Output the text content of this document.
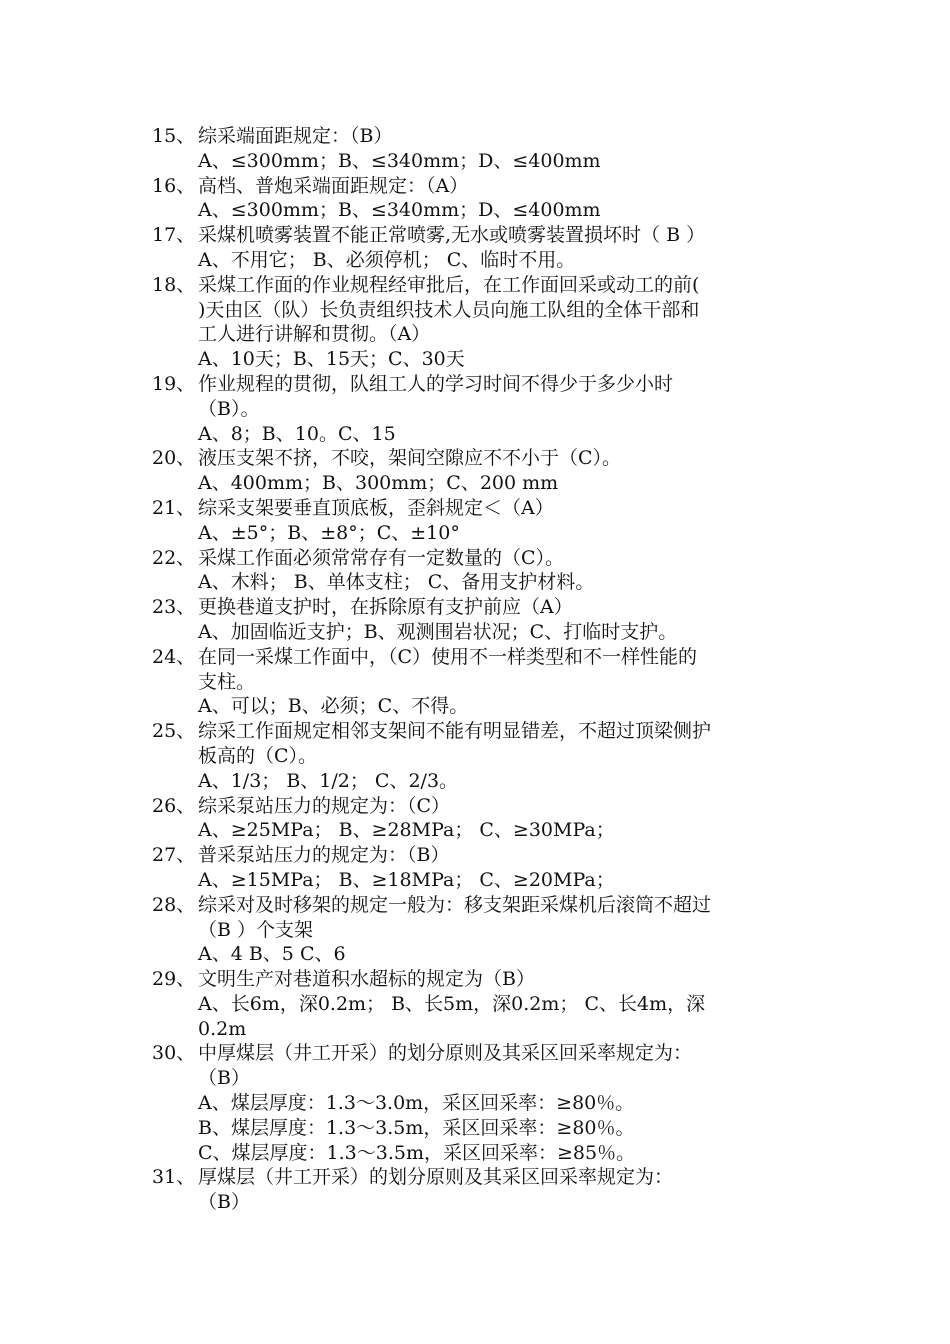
15、 综采端面距规定：（B）
A、≤300mm；B、≤340mm；D、≤400mm
16、 高档、普炮采端面距规定：（A）
A、≤300mm；B、≤340mm；D、≤400mm
17、 采煤机喷雾装置不能正常喷雾,无水或喷雾装置损坏时（ B ）
A、不用它； B、必须停机； C、临时不用。
18、 采煤工作面的作业规程经审批后，在工作面回采或动工的前(
)天由区（队）长负责组织技术人员向施工队组的全体干部和
工人进行讲解和贯彻。（A）
A、10天；B、15天；C、30天
19、 作业规程的贯彻，队组工人的学习时间不得少于多少小时
（B）。
A、8；B、10。C、15
20、 液压支架不挤，不咬，架间空隙应不不小于（C）。
A、400mm；B、300mm；C、200 mm
21、 综采支架要垂直顶底板，歪斜规定＜（A）
A、±5°；B、±8°；C、±10°
22、 采煤工作面必须常常存有一定数量的（C）。
A、木料； B、单体支柱； C、备用支护材料。
23、 更换巷道支护时，在拆除原有支护前应（A）
A、加固临近支护；B、观测围岩状况；C、打临时支护。
24、 在同一采煤工作面中，（C）使用不一样类型和不一样性能的
支柱。
A、可以；B、必须；C、不得。
25、 综采工作面规定相邻支架间不能有明显错差，不超过顶梁侧护
板高的（C）。
A、1/3； B、1/2； C、2/3。
26、 综采泵站压力的规定为：（C）
A、≥25MPa； B、≥28MPa； C、≥30MPa；
27、 普采泵站压力的规定为：（B）
A、≥15MPa； B、≥18MPa； C、≥20MPa；
28、 综采对及时移架的规定一般为：移支架距采煤机后滚筒不超过
（B ）个支架
A、4 B、5 C、6
29、 文明生产对巷道积水超标的规定为（B）
A、长6m，深0.2m； B、长5m，深0.2m； C、长4m，深
0.2m
30、 中厚煤层（井工开采）的划分原则及其采区回采率规定为：
（B）
A、煤层厚度：1.3～3.0m，采区回采率：≥80％。
B、煤层厚度：1.3～3.5m，采区回采率：≥80％。
C、煤层厚度：1.3～3.5m，采区回采率：≥85％。
31、 厚煤层（井工开采）的划分原则及其采区回采率规定为：
（B）
